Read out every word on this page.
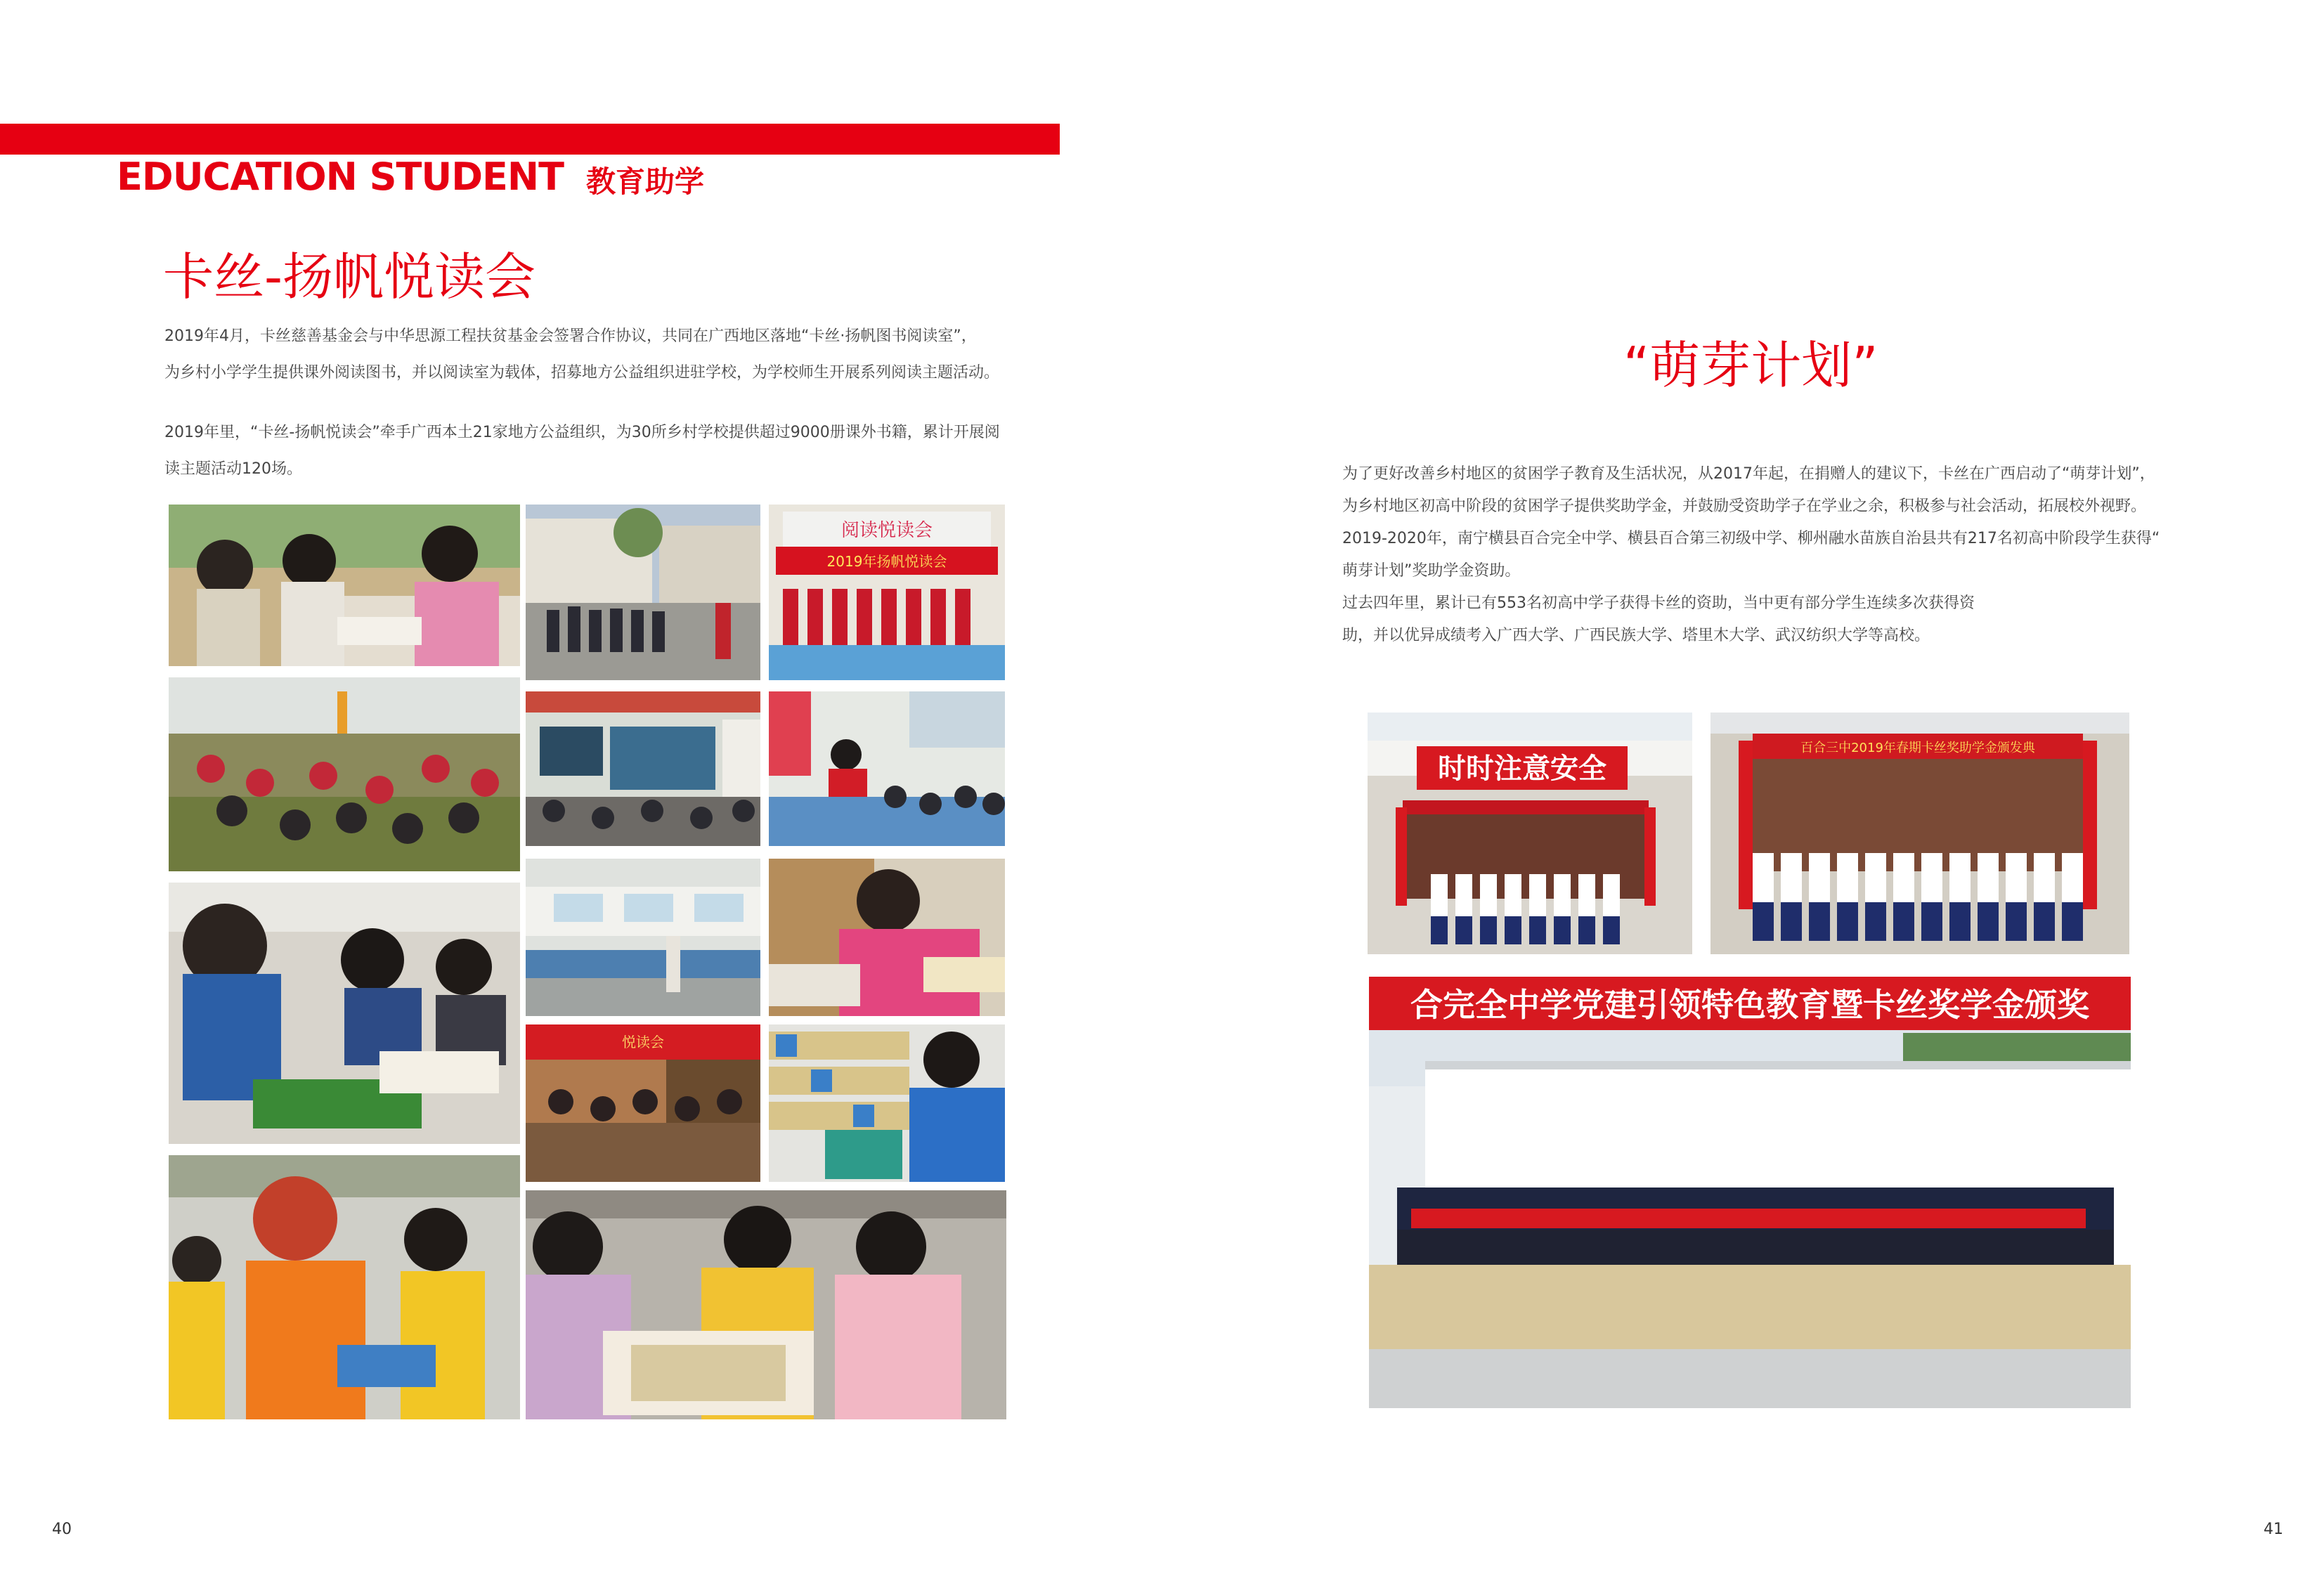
EDUCATION STUDENT 教育助学
卡丝-扬帆悦读会

2019年4月，卡丝慈善基金会与中华思源工程扶贫基金会签署合作协议，共同在广西地区落地“卡丝·扬帆图书阅读室”，

为乡村小学学生提供课外阅读图书，并以阅读室为载体，招募地方公益组织进驻学校，为学校师生开展系列阅读主题活动。

2019年里，“卡丝-扬帆悦读会”牵手广西本土21家地方公益组织，为30所乡村学校提供超过9000册课外书籍，累计开展阅

读主题活动120场。

阅读悦读会
2019年扬帆悦读会
悦读会
40
“萌芽计划”

为了更好改善乡村地区的贫困学子教育及生活状况，从2017年起，在捐赠人的建议下，卡丝在广西启动了“萌芽计划”，

为乡村地区初高中阶段的贫困学子提供奖助学金，并鼓励受资助学子在学业之余，积极参与社会活动，拓展校外视野。

2019-2020年，南宁横县百合完全中学、横县百合第三初级中学、柳州融水苗族自治县共有217名初高中阶段学生获得“

萌芽计划”奖助学金资助。

过去四年里，累计已有553名初高中学子获得卡丝的资助，当中更有部分学生连续多次获得资

助，并以优异成绩考入广西大学、广西民族大学、塔里木大学、武汉纺织大学等高校。

时时注意安全
百合三中2019年春期卡丝奖助学金颁发典
合完全中学党建引领特色教育暨卡丝奖学金颁奖
41
